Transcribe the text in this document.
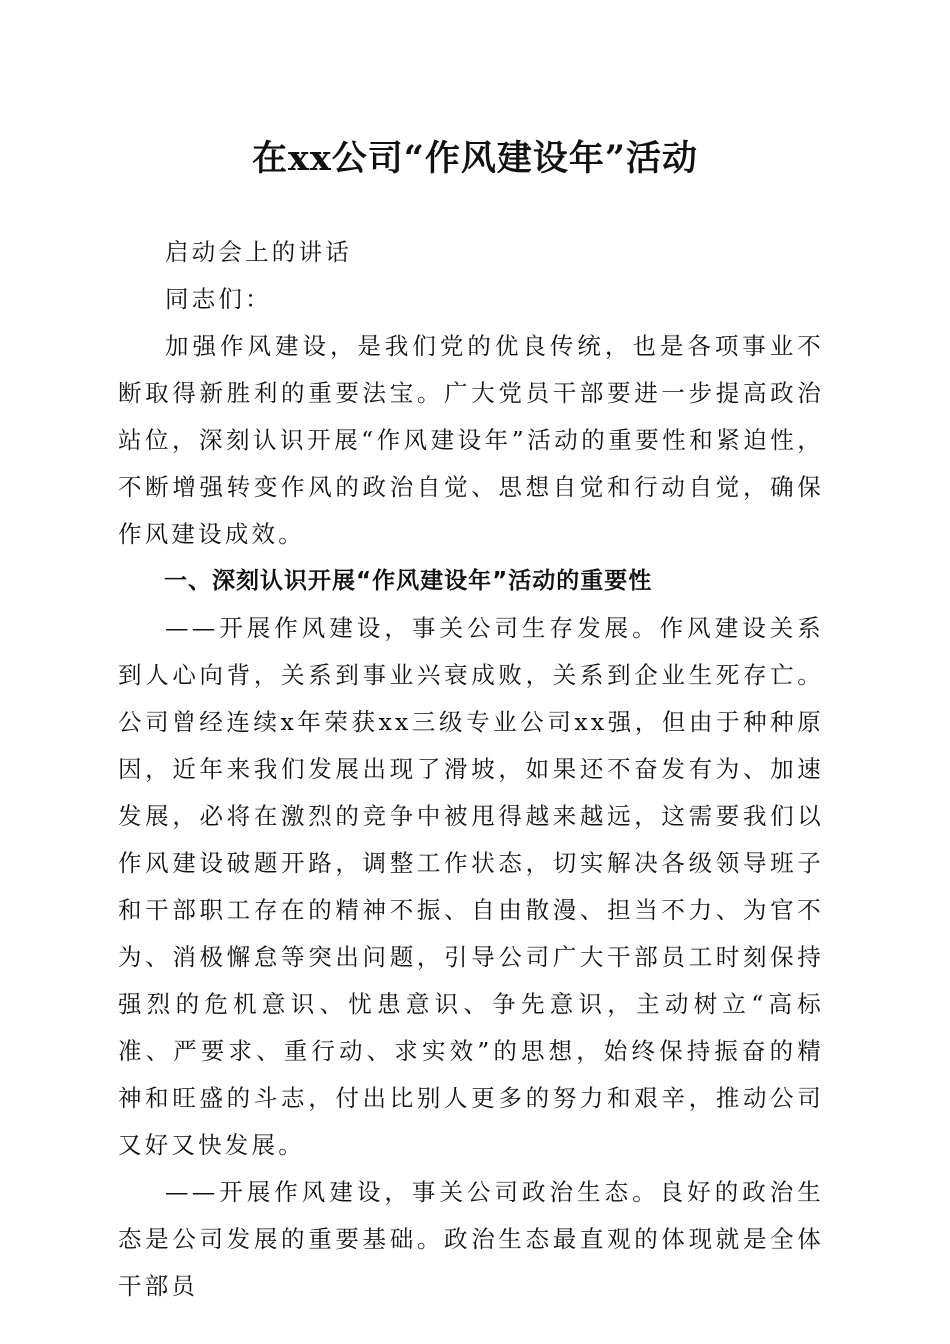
在xx公司“作风建设年”活动

启动会上的讲话

同志们：

加强作风建设，是我们党的优良传统，也是各项事业不断取得新胜利的重要法宝。广大党员干部要进一步提高政治站位，深刻认识开展“作风建设年”活动的重要性和紧迫性，不断增强转变作风的政治自觉、思想自觉和行动自觉，确保作风建设成效。

一、深刻认识开展“作风建设年”活动的重要性

——开展作风建设，事关公司生存发展。作风建设关系到人心向背，关系到事业兴衰成败，关系到企业生死存亡。公司曾经连续x年荣获xx三级专业公司xx强，但由于种种原因，近年来我们发展出现了滑坡，如果还不奋发有为、加速发展，必将在激烈的竞争中被甩得越来越远，这需要我们以作风建设破题开路，调整工作状态，切实解决各级领导班子和干部职工存在的精神不振、自由散漫、担当不力、为官不为、消极懈怠等突出问题，引导公司广大干部员工时刻保持强烈的危机意识、忧患意识、争先意识，主动树立“高标准、严要求、重行动、求实效”的思想，始终保持振奋的精神和旺盛的斗志，付出比别人更多的努力和艰辛，推动公司又好又快发展。

——开展作风建设，事关公司政治生态。良好的政治生态是公司发展的重要基础。政治生态最直观的体现就是全体干部员
